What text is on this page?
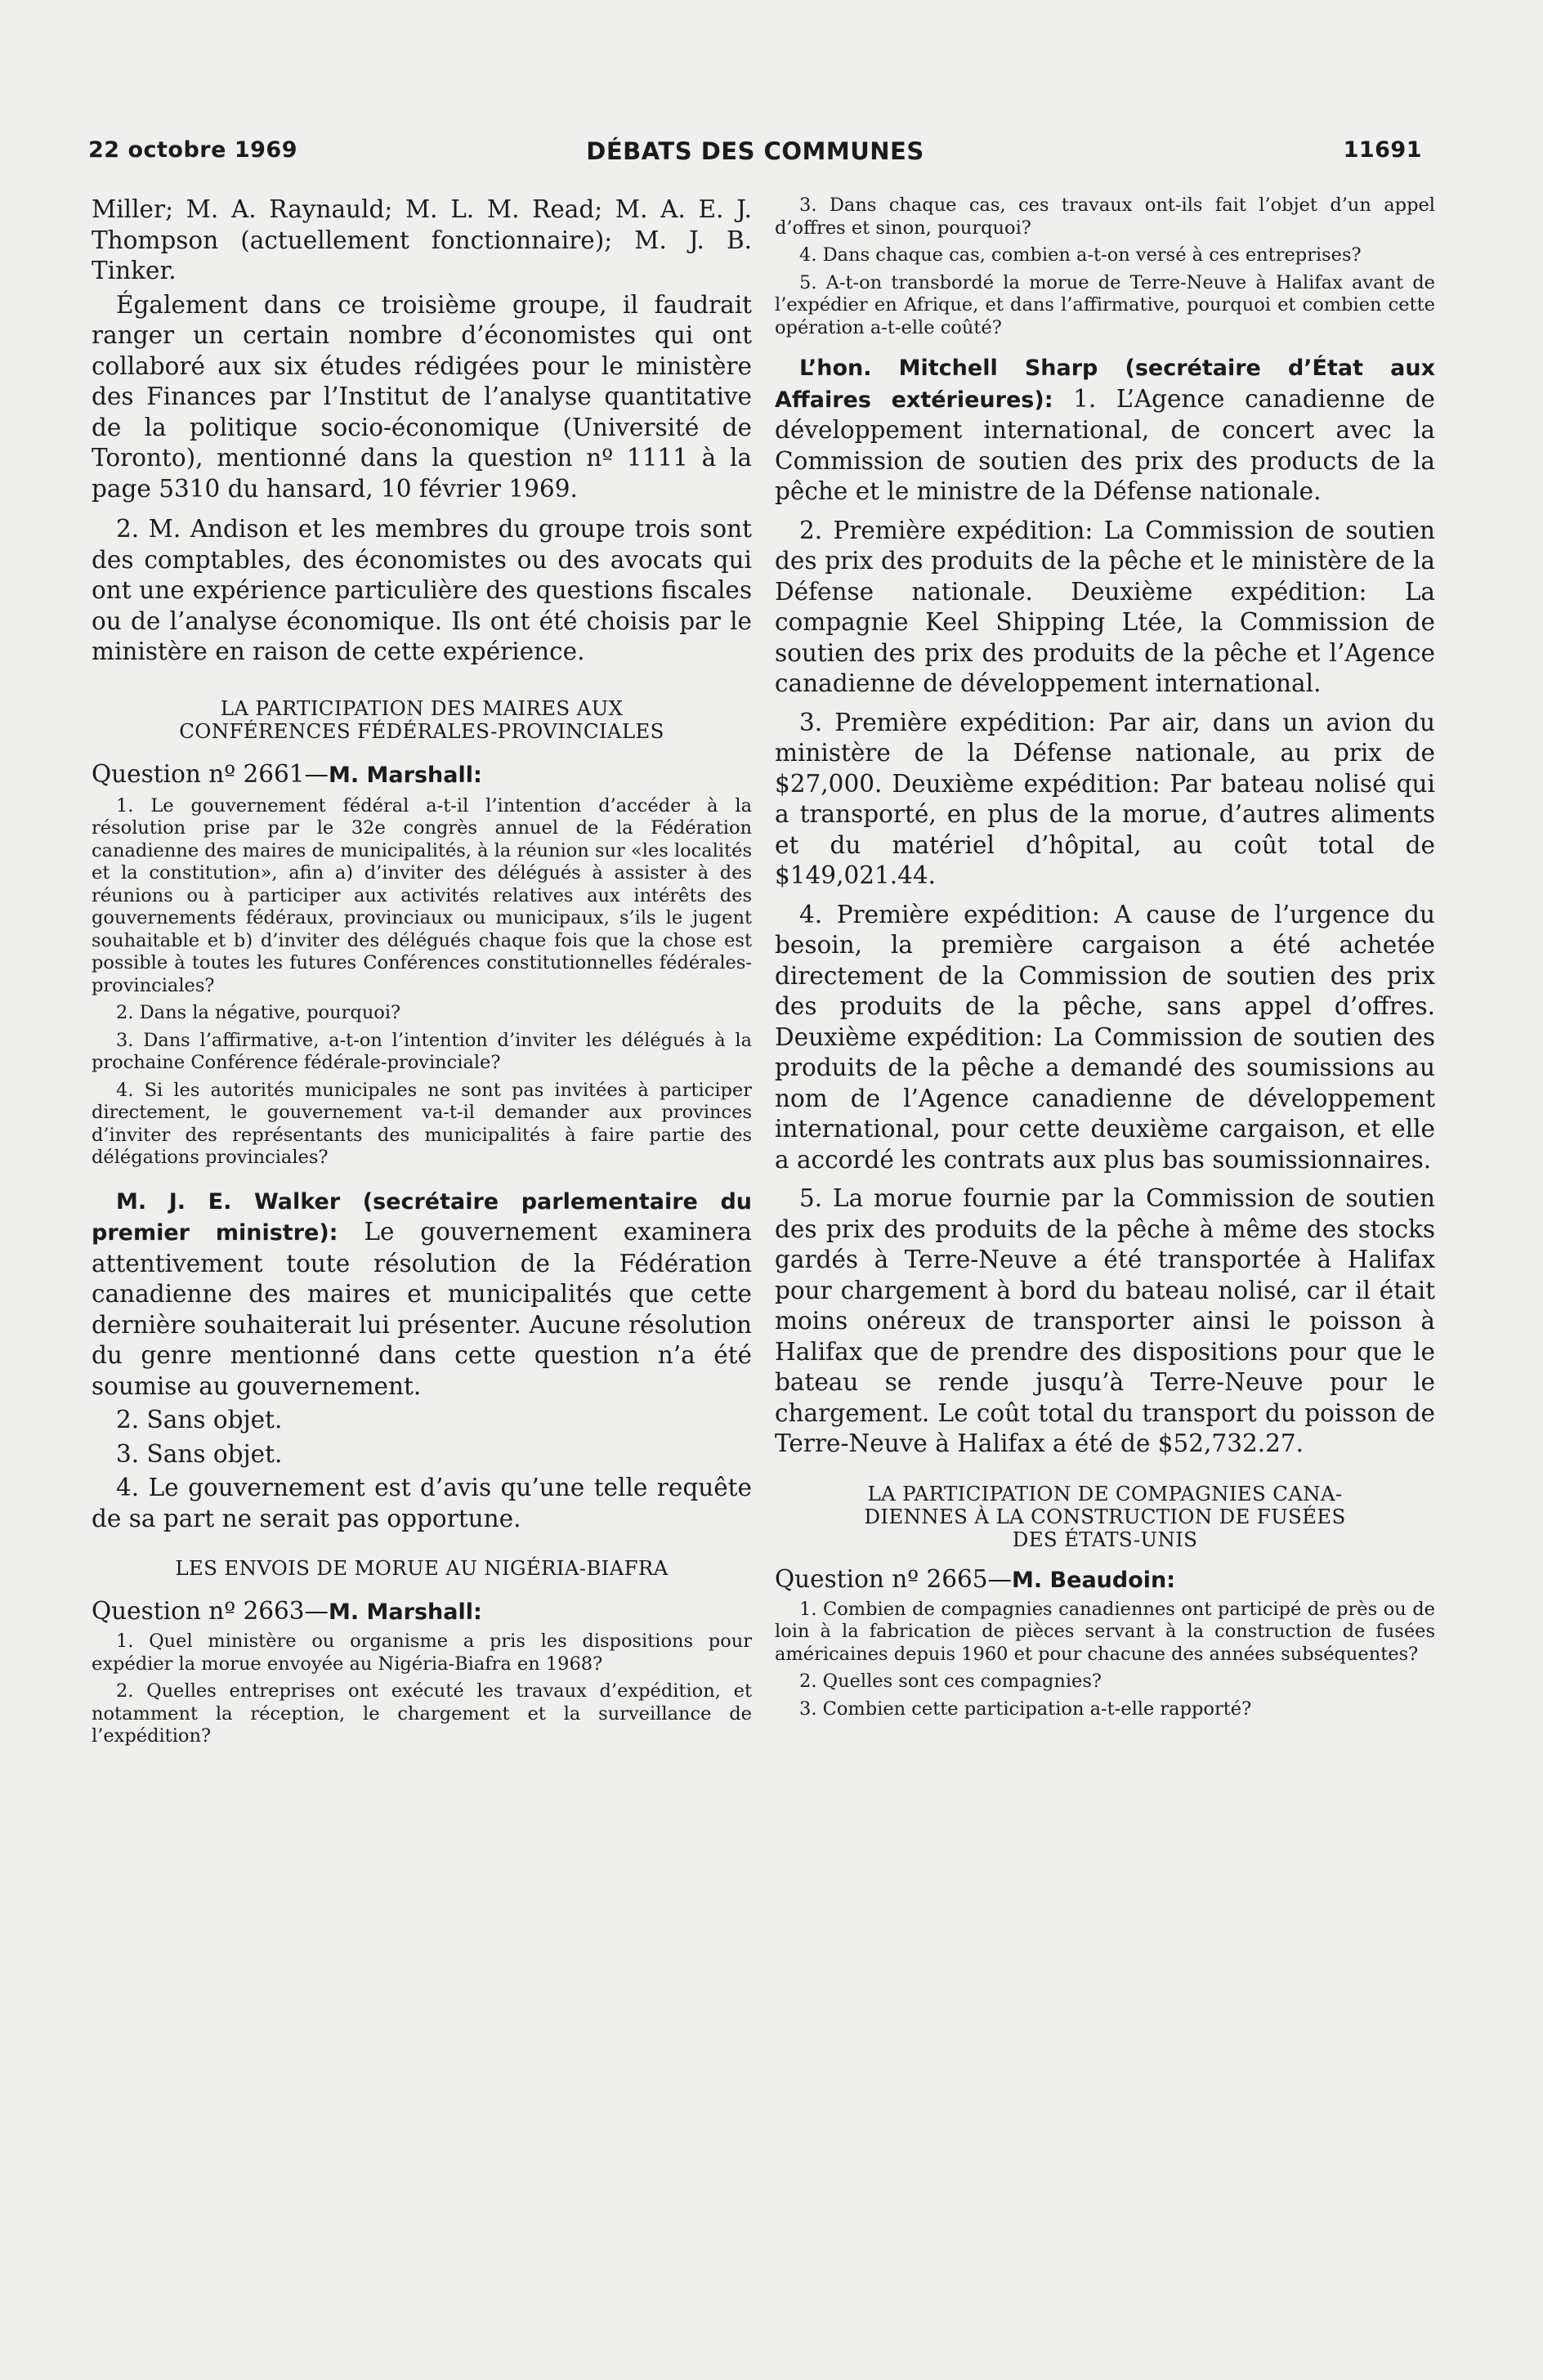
22 octobre 1969	DÉBATS DES COMMUNES	11691

Miller; M. A. Raynauld; M. L. M. Read; M. A. E. J. Thompson (actuellement fonctionnaire); M. J. B. Tinker.

Également dans ce troisième groupe, il faudrait ranger un certain nombre d’économistes qui ont collaboré aux six études rédigées pour le ministère des Finances par l’Institut de l’analyse quantitative de la politique socio-économique (Université de Toronto), mentionné dans la question nº 1111 à la page 5310 du hansard, 10 février 1969.

2. M. Andison et les membres du groupe trois sont des comptables, des économistes ou des avocats qui ont une expérience particulière des questions fiscales ou de l’analyse économique. Ils ont été choisis par le ministère en raison de cette expérience.

LA PARTICIPATION DES MAIRES AUX
CONFÉRENCES FÉDÉRALES-PROVINCIALES

Question nº 2661—M. Marshall:

1. Le gouvernement fédéral a-t-il l’intention d’accéder à la résolution prise par le 32e congrès annuel de la Fédération canadienne des maires de municipalités, à la réunion sur «les localités et la constitution», afin a) d’inviter des délégués à assister à des réunions ou à participer aux activités relatives aux intérêts des gouvernements fédéraux, provinciaux ou municipaux, s’ils le jugent souhaitable et b) d’inviter des délégués chaque fois que la chose est possible à toutes les futures Conférences constitutionnelles fédérales-provinciales?

2. Dans la négative, pourquoi?

3. Dans l’affirmative, a-t-on l’intention d’inviter les délégués à la prochaine Conférence fédérale-provinciale?

4. Si les autorités municipales ne sont pas invitées à participer directement, le gouvernement va-t-il demander aux provinces d’inviter des représentants des municipalités à faire partie des délégations provinciales?

M. J. E. Walker (secrétaire parlementaire du premier ministre): Le gouvernement examinera attentivement toute résolution de la Fédération canadienne des maires et municipalités que cette dernière souhaiterait lui présenter. Aucune résolution du genre mentionné dans cette question n’a été soumise au gouvernement.

2. Sans objet.

3. Sans objet.

4. Le gouvernement est d’avis qu’une telle requête de sa part ne serait pas opportune.

LES ENVOIS DE MORUE AU NIGÉRIA-BIAFRA

Question nº 2663—M. Marshall:

1. Quel ministère ou organisme a pris les dispositions pour expédier la morue envoyée au Nigéria-Biafra en 1968?

2. Quelles entreprises ont exécuté les travaux d’expédition, et notamment la réception, le chargement et la surveillance de l’expédition?

3. Dans chaque cas, ces travaux ont-ils fait l’objet d’un appel d’offres et sinon, pourquoi?

4. Dans chaque cas, combien a-t-on versé à ces entreprises?

5. A-t-on transbordé la morue de Terre-Neuve à Halifax avant de l’expédier en Afrique, et dans l’affirmative, pourquoi et combien cette opération a-t-elle coûté?

L’hon. Mitchell Sharp (secrétaire d’État aux Affaires extérieures): 1. L’Agence canadienne de développement international, de concert avec la Commission de soutien des prix des products de la pêche et le ministre de la Défense nationale.

2. Première expédition: La Commission de soutien des prix des produits de la pêche et le ministère de la Défense nationale. Deuxième expédition: La compagnie Keel Shipping Ltée, la Commission de soutien des prix des produits de la pêche et l’Agence canadienne de développement international.

3. Première expédition: Par air, dans un avion du ministère de la Défense nationale, au prix de $27,000. Deuxième expédition: Par bateau nolisé qui a transporté, en plus de la morue, d’autres aliments et du matériel d’hôpital, au coût total de $149,021.44.

4. Première expédition: A cause de l’urgence du besoin, la première cargaison a été achetée directement de la Commission de soutien des prix des produits de la pêche, sans appel d’offres. Deuxième expédition: La Commission de soutien des produits de la pêche a demandé des soumissions au nom de l’Agence canadienne de développement international, pour cette deuxième cargaison, et elle a accordé les contrats aux plus bas soumissionnaires.

5. La morue fournie par la Commission de soutien des prix des produits de la pêche à même des stocks gardés à Terre-Neuve a été transportée à Halifax pour chargement à bord du bateau nolisé, car il était moins onéreux de transporter ainsi le poisson à Halifax que de prendre des dispositions pour que le bateau se rende jusqu’à Terre-Neuve pour le chargement. Le coût total du transport du poisson de Terre-Neuve à Halifax a été de $52,732.27.

LA PARTICIPATION DE COMPAGNIES CANA-
DIENNES À LA CONSTRUCTION DE FUSÉES
DES ÉTATS-UNIS

Question nº 2665—M. Beaudoin:

1. Combien de compagnies canadiennes ont participé de près ou de loin à la fabrication de pièces servant à la construction de fusées américaines depuis 1960 et pour chacune des années subséquentes?

2. Quelles sont ces compagnies?

3. Combien cette participation a-t-elle rapporté?
